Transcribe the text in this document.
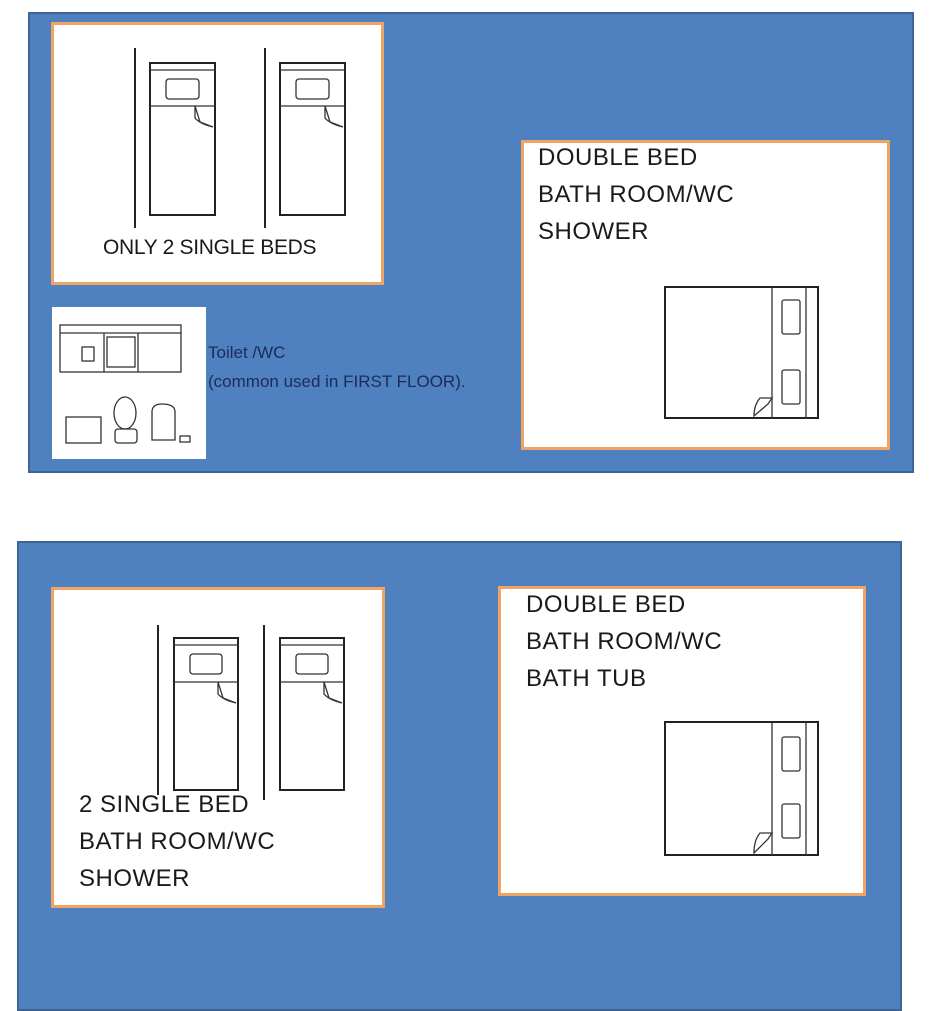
ONLY 2 SINGLE BEDS
Toilet /WC
(common used in FIRST FLOOR).
DOUBLE BED
BATH ROOM/WC
SHOWER
DOUBLE BED
BATH ROOM/WC
BATH TUB
2 SINGLE BED
BATH ROOM/WC
SHOWER
